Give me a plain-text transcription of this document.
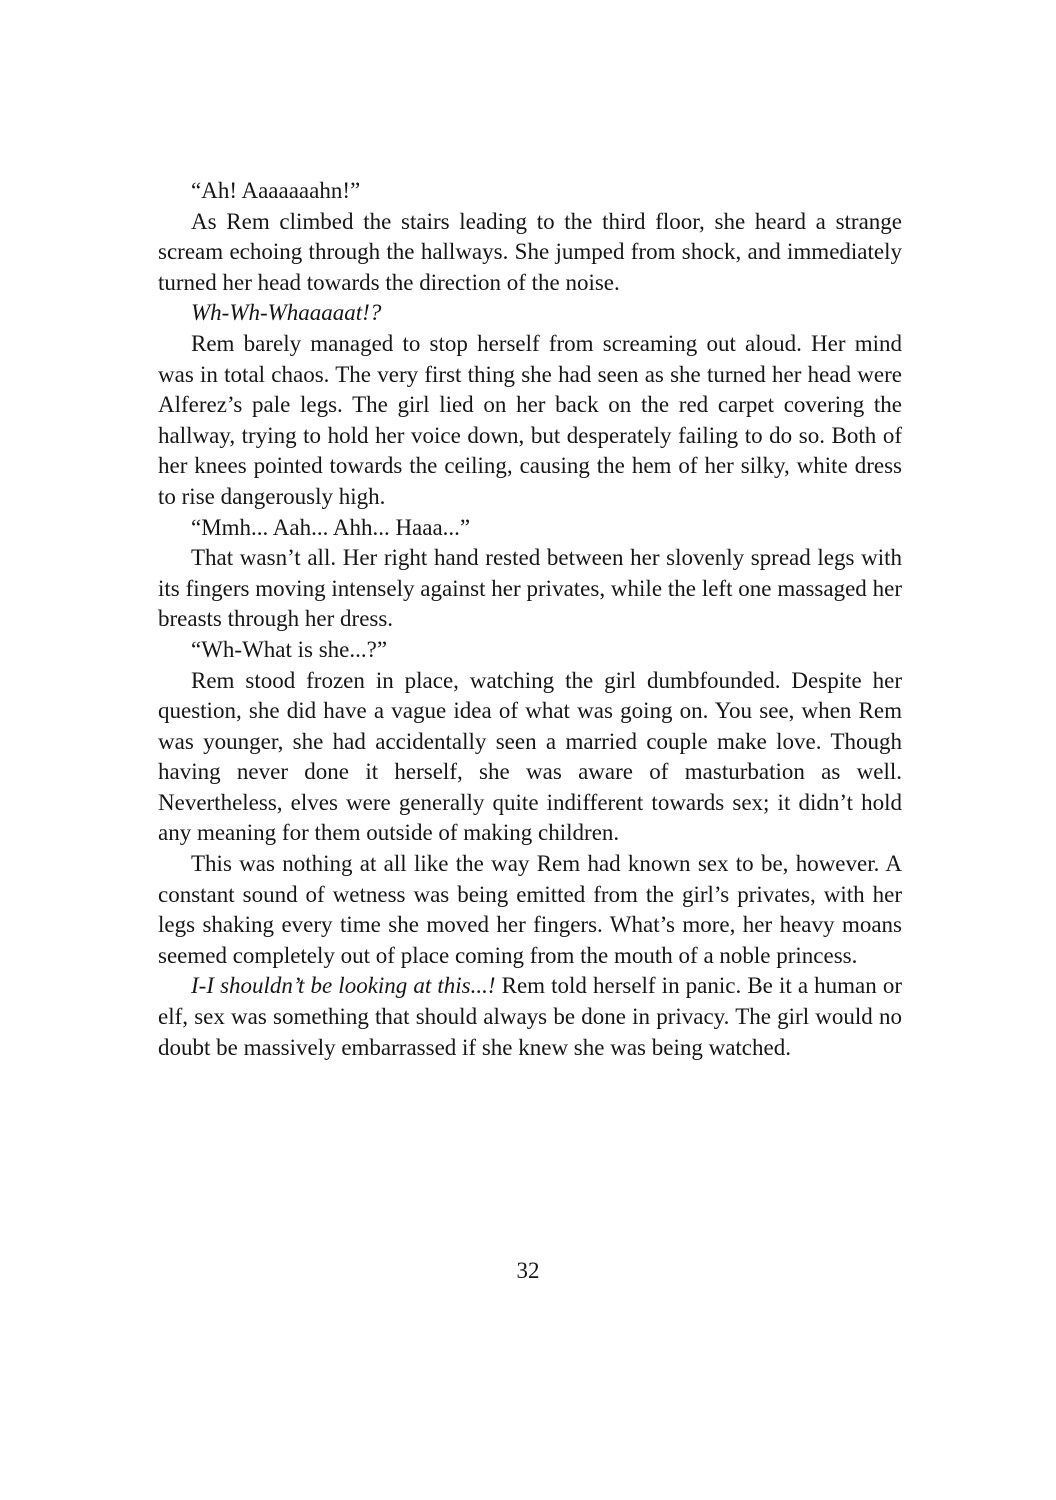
“Ah! Aaaaaaahn!”

As Rem climbed the stairs leading to the third floor, she heard a strange scream echoing through the hallways. She jumped from shock, and immediately turned her head towards the direction of the noise.

Wh-Wh-Whaaaaat!?

Rem barely managed to stop herself from screaming out aloud. Her mind was in total chaos. The very first thing she had seen as she turned her head were Alferez’s pale legs. The girl lied on her back on the red carpet covering the hallway, trying to hold her voice down, but desperately failing to do so. Both of her knees pointed towards the ceiling, causing the hem of her silky, white dress to rise dangerously high.

“Mmh... Aah... Ahh... Haaa...”

That wasn’t all. Her right hand rested between her slovenly spread legs with its fingers moving intensely against her privates, while the left one massaged her breasts through her dress.

“Wh-What is she...?”

Rem stood frozen in place, watching the girl dumbfounded. Despite her question, she did have a vague idea of what was going on. You see, when Rem was younger, she had accidentally seen a married couple make love. Though having never done it herself, she was aware of masturbation as well. Nevertheless, elves were generally quite indifferent towards sex; it didn’t hold any meaning for them outside of making children.

This was nothing at all like the way Rem had known sex to be, however. A constant sound of wetness was being emitted from the girl’s privates, with her legs shaking every time she moved her fingers. What’s more, her heavy moans seemed completely out of place coming from the mouth of a noble princess.

I-I shouldn’t be looking at this...! Rem told herself in panic. Be it a human or elf, sex was something that should always be done in privacy. The girl would no doubt be massively embarrassed if she knew she was being watched.

32
